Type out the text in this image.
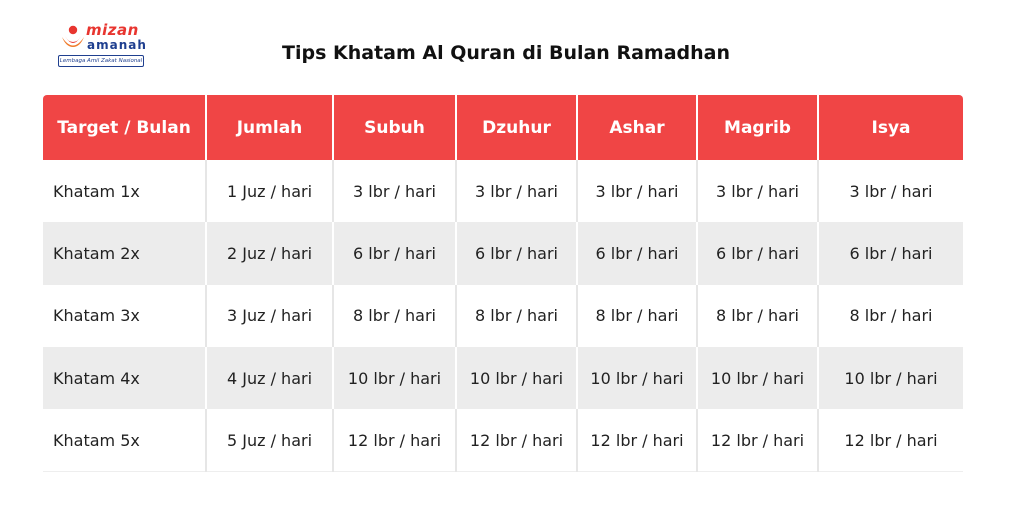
mizan
amanah
Lembaga Amil Zakat Nasional	Tips Khatam Al Quran di Bulan Ramadhan
Target / Bulan	Jumlah	Subuh	Dzuhur	Ashar	Magrib	Isya
Khatam 1x	1 Juz / hari	3 lbr / hari	3 lbr / hari	3 lbr / hari	3 lbr / hari	3 lbr / hari
Khatam 2x	2 Juz / hari	6 lbr / hari	6 lbr / hari	6 lbr / hari	6 lbr / hari	6 lbr / hari
Khatam 3x	3 Juz / hari	8 lbr / hari	8 lbr / hari	8 lbr / hari	8 lbr / hari	8 lbr / hari
Khatam 4x	4 Juz / hari	10 lbr / hari	10 lbr / hari	10 lbr / hari	10 lbr / hari	10 lbr / hari
Khatam 5x	5 Juz / hari	12 lbr / hari	12 lbr / hari	12 lbr / hari	12 lbr / hari	12 lbr / hari
